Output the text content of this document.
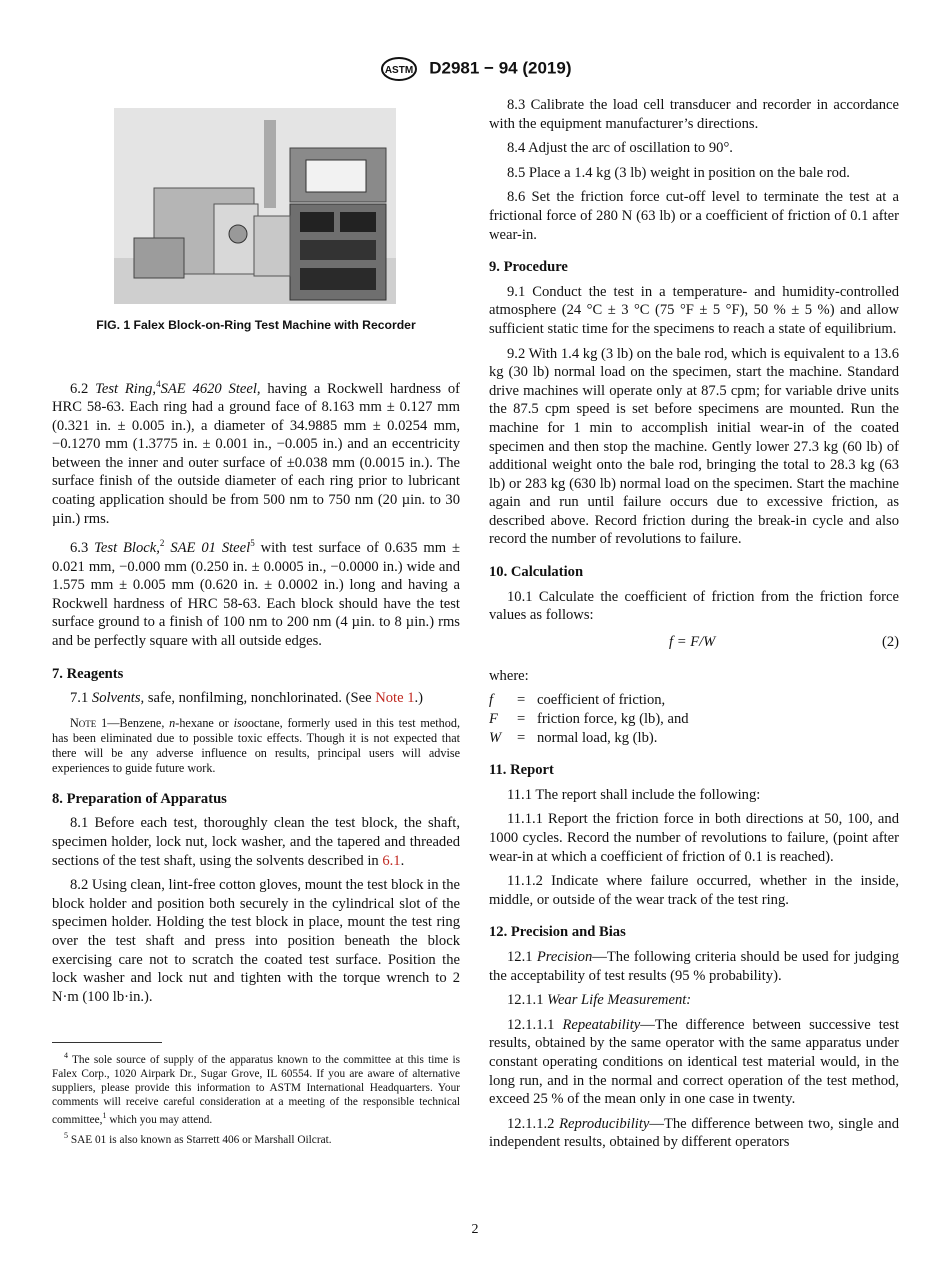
ASTM D2981 − 94 (2019)
FIG. 1 Falex Block-on-Ring Test Machine with Recorder

6.2 Test Ring,$^4$SAE 4620 Steel, having a Rockwell hardness of HRC 58-63. Each ring had a ground face of 8.163 mm ± 0.127 mm (0.321 in. ± 0.005 in.), a diameter of 34.9885 mm ± 0.0254 mm, −0.1270 mm (1.3775 in. ± 0.001 in., −0.005 in.) and an eccentricity between the inner and outer surface of ±0.038 mm (0.0015 in.). The surface finish of the outside diameter of each ring prior to lubricant coating application should be from 500 nm to 750 nm (20 µin. to 30 µin.) rms.

6.3 Test Block,$^2$ SAE 01 Steel$^5$ with test surface of 0.635 mm ± 0.021 mm, −0.000 mm (0.250 in. ± 0.0005 in., −0.0000 in.) wide and 1.575 mm ± 0.005 mm (0.620 in. ± 0.0002 in.) long and having a Rockwell hardness of HRC 58-63. Each block should have the test surface ground to a finish of 100 nm to 200 nm (4 µin. to 8 µin.) rms and be perfectly square with all outside edges.

7. Reagents

7.1 Solvents, safe, nonfilming, nonchlorinated. (See Note 1.)

Note 1—Benzene, n-hexane or isooctane, formerly used in this test method, has been eliminated due to possible toxic effects. Though it is not expected that there will be any adverse influence on results, principal users will advise experiences to guide future work.

8. Preparation of Apparatus

8.1 Before each test, thoroughly clean the test block, the shaft, specimen holder, lock nut, lock washer, and the tapered and threaded sections of the test shaft, using the solvents described in 6.1.

8.2 Using clean, lint-free cotton gloves, mount the test block in the block holder and position both securely in the cylindrical slot of the specimen holder. Holding the test block in place, mount the test ring over the test shaft and press into position beneath the block exercising care not to scratch the coated test surface. Position the lock washer and lock nut and tighten with the torque wrench to 2 N·m (100 lb·in.).

$^4$ The sole source of supply of the apparatus known to the committee at this time is Falex Corp., 1020 Airpark Dr., Sugar Grove, IL 60554. If you are aware of alternative suppliers, please provide this information to ASTM International Headquarters. Your comments will receive careful consideration at a meeting of the responsible technical committee,$^1$ which you may attend.

$^5$ SAE 01 is also known as Starrett 406 or Marshall Oilcrat.

8.3 Calibrate the load cell transducer and recorder in accordance with the equipment manufacturer’s directions.

8.4 Adjust the arc of oscillation to 90°.

8.5 Place a 1.4 kg (3 lb) weight in position on the bale rod.

8.6 Set the friction force cut-off level to terminate the test at a frictional force of 280 N (63 lb) or a coefficient of friction of 0.1 after wear-in.

9. Procedure

9.1 Conduct the test in a temperature- and humidity-controlled atmosphere (24 °C ± 3 °C (75 °F ± 5 °F), 50 % ± 5 %) and allow sufficient static time for the specimens to reach a state of equilibrium.

9.2 With 1.4 kg (3 lb) on the bale rod, which is equivalent to a 13.6 kg (30 lb) normal load on the specimen, start the machine. Standard drive machines will operate only at 87.5 cpm; for variable drive units the 87.5 cpm speed is set before specimens are mounted. Run the machine for 1 min to accomplish initial wear-in of the coated specimen and then stop the machine. Gently lower 27.3 kg (60 lb) of additional weight onto the bale rod, bringing the total to 28.3 kg (63 lb) or 283 kg (630 lb) normal load on the specimen. Start the machine again and run until failure occurs due to excessive friction, as described above. Record friction during the break-in cycle and also record the number of revolutions to failure.

10. Calculation

10.1 Calculate the coefficient of friction from the friction force values as follows:

f = F/W	(2)

where:

f	= coefficient of friction,
F	= friction force, kg (lb), and
W	= normal load, kg (lb).
11. Report

11.1 The report shall include the following:

11.1.1 Report the friction force in both directions at 50, 100, and 1000 cycles. Record the number of revolutions to failure, (point after wear-in at which a coefficient of friction of 0.1 is reached).

11.1.2 Indicate where failure occurred, whether in the inside, middle, or outside of the wear track of the test ring.

12. Precision and Bias

12.1 Precision—The following criteria should be used for judging the acceptability of test results (95 % probability).

12.1.1 Wear Life Measurement:

12.1.1.1 Repeatability—The difference between successive test results, obtained by the same operator with the same apparatus under constant operating conditions on identical test material would, in the long run, and in the normal and correct operation of the test method, exceed 25 % of the mean only in one case in twenty.

12.1.1.2 Reproducibility—The difference between two, single and independent results, obtained by different operators

2
